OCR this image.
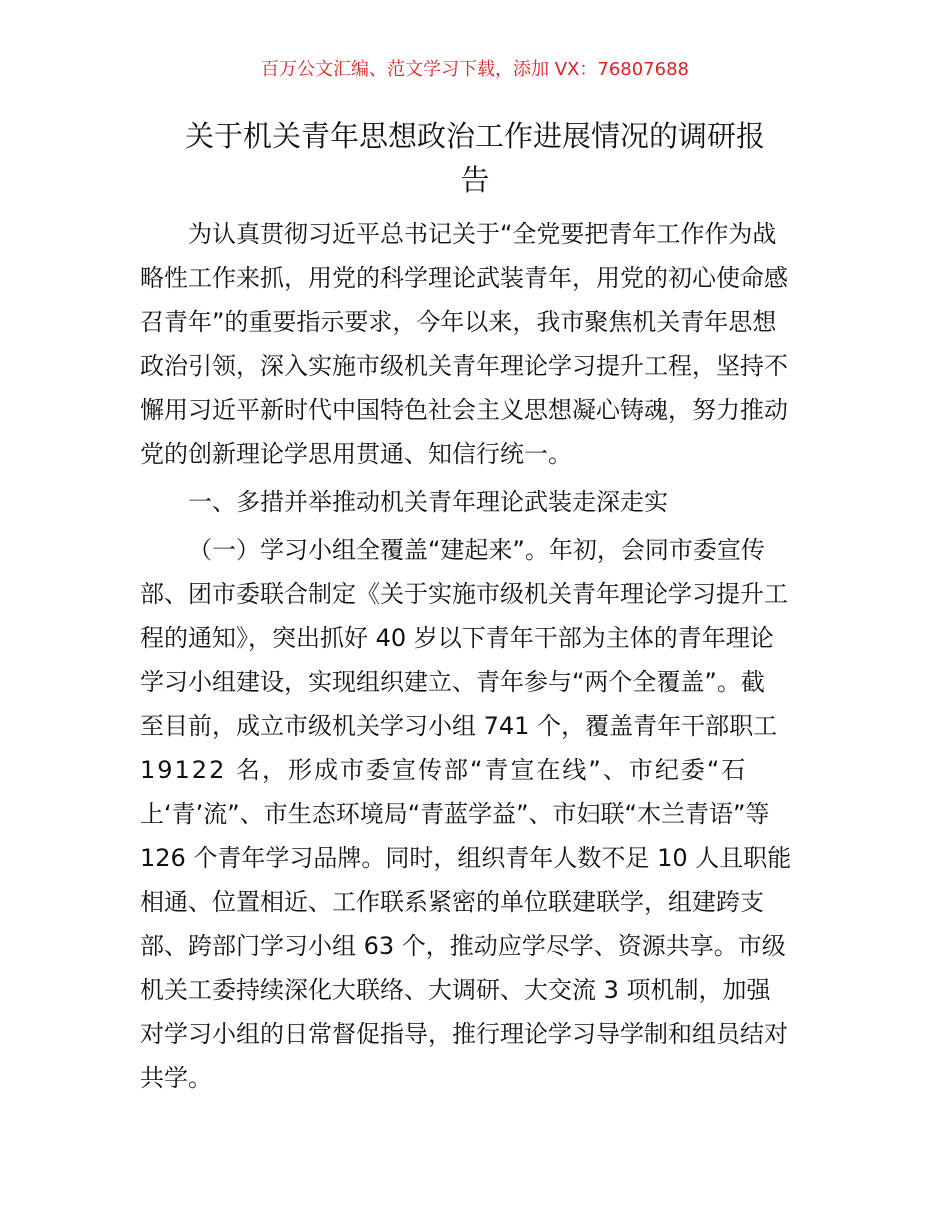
百万公文汇编、范文学习下载，添加 VX：76807688
关于机关青年思想政治工作进展情况的调研报
告
为认真贯彻习近平总书记关于“全党要把青年工作作为战
略性工作来抓，用党的科学理论武装青年，用党的初心使命感
召青年”的重要指示要求，今年以来，我市聚焦机关青年思想
政治引领，深入实施市级机关青年理论学习提升工程，坚持不
懈用习近平新时代中国特色社会主义思想凝心铸魂，努力推动
党的创新理论学思用贯通、知信行统一。
一、多措并举推动机关青年理论武装走深走实
（一）学习小组全覆盖“建起来”。年初，会同市委宣传
部、团市委联合制定《关于实施市级机关青年理论学习提升工
程的通知》，突出抓好 40 岁以下青年干部为主体的青年理论
学习小组建设，实现组织建立、青年参与“两个全覆盖”。截
至目前，成立市级机关学习小组 741 个，覆盖青年干部职工
19122 名，形成市委宣传部“青宣在线”、市纪委“石
上‘青’流”、市生态环境局“青蓝学益”、市妇联“木兰青语”等
126 个青年学习品牌。同时，组织青年人数不足 10 人且职能
相通、位置相近、工作联系紧密的单位联建联学，组建跨支
部、跨部门学习小组 63 个，推动应学尽学、资源共享。市级
机关工委持续深化大联络、大调研、大交流 3 项机制，加强
对学习小组的日常督促指导，推行理论学习导学制和组员结对
共学。
